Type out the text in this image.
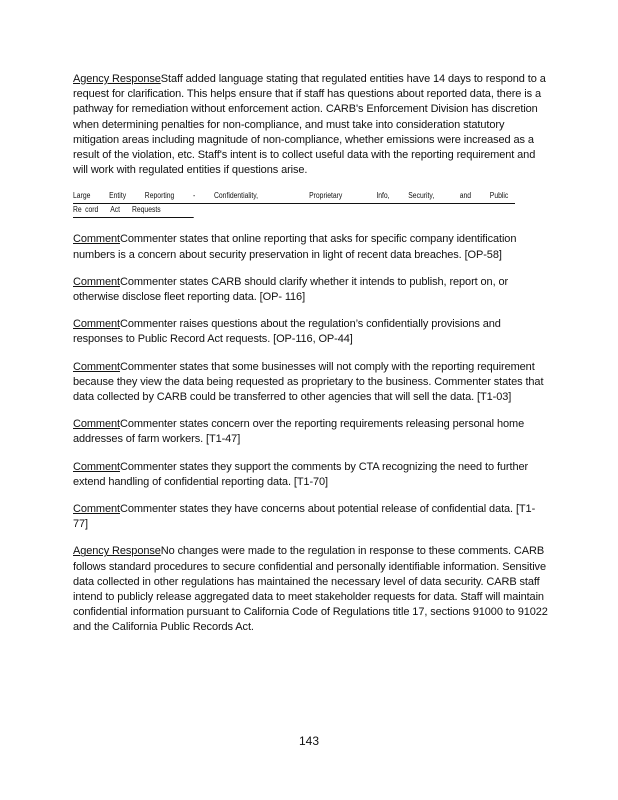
Agency ResponseStaff added language stating that regulated entities have 14 days to respond to a request for clarification. This helps ensure that if staff has questions about reported data, there is a pathway for remediation without enforcement action. CARB's Enforcement Division has discretion when determining penalties for non-compliance, and must take into consideration statutory mitigation areas including magnitude of non-compliance, whether emissions were increased as a result of the violation, etc. Staff's intent is to collect useful data with the reporting requirement and will work with regulated entities if questions arise.

Large Entity Reporting - Confidentiality,	Proprietary	Info, Security,	and Public
Re cord Act Requests

CommentCommenter states that online reporting that asks for specific company identification numbers is a concern about security preservation in light of recent data breaches. [OP-58]

CommentCommenter states CARB should clarify whether it intends to publish, report on, or otherwise disclose fleet reporting data. [OP- 116]

CommentCommenter raises questions about the regulation’s confidentially provisions and responses to Public Record Act requests. [OP-116, OP-44]

CommentCommenter states that some businesses will not comply with the reporting requirement because they view the data being requested as proprietary to the business. Commenter states that data collected by CARB could be transferred to other agencies that will sell the data. [T1-03]

CommentCommenter states concern over the reporting requirements releasing personal home addresses of farm workers. [T1-47]

CommentCommenter states they support the comments by CTA recognizing the need to further extend handling of confidential reporting data. [T1-70]

CommentCommenter states they have concerns about potential release of confidential data. [T1-77]

Agency ResponseNo changes were made to the regulation in response to these comments. CARB follows standard procedures to secure confidential and personally identifiable information. Sensitive data collected in other regulations has maintained the necessary level of data security. CARB staff intend to publicly release aggregated data to meet stakeholder requests for data. Staff will maintain confidential information pursuant to California Code of Regulations title 17, sections 91000 to 91022 and the California Public Records Act.

143
